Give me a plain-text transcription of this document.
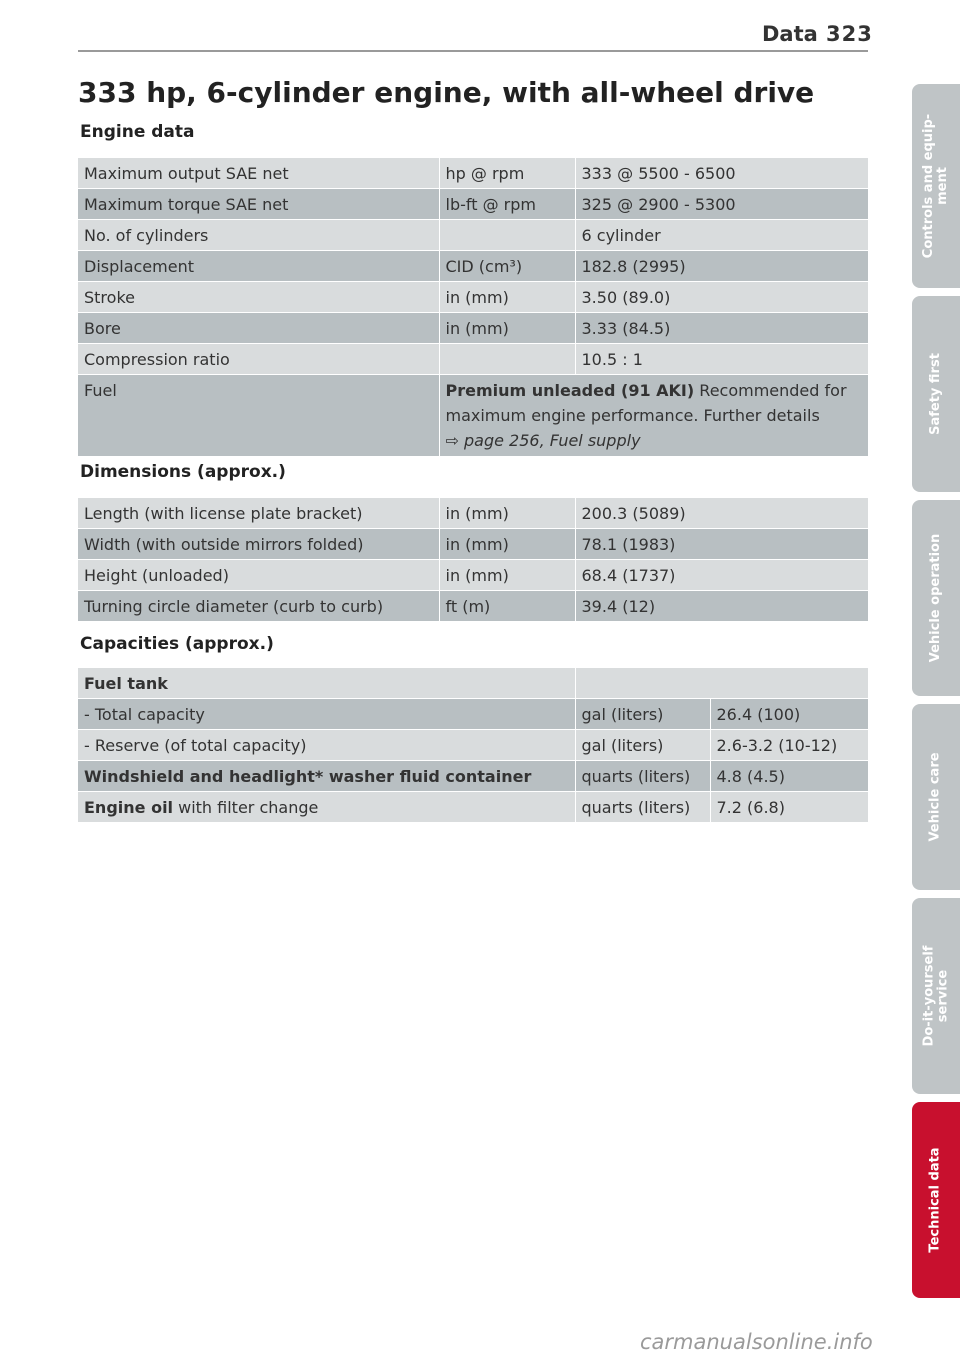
Data 323
333 hp, 6-cylinder engine, with all-wheel drive
Engine data
Maximum output SAE net	hp @ rpm	333 @ 5500 - 6500
Maximum torque SAE net	lb-ft @ rpm	325 @ 2900 - 5300
No. of cylinders		6 cylinder
Displacement	CID (cm³)	182.8 (2995)
Stroke	in (mm)	3.50 (89.0)
Bore	in (mm)	3.33 (84.5)
Compression ratio		10.5 : 1
Fuel	Premium unleaded (91 AKI) Recommended for maximum engine performance. Further details
⇨ page 256, Fuel supply	
Dimensions (approx.)
Length (with license plate bracket)	in (mm)	200.3 (5089)
Width (with outside mirrors folded)	in (mm)	78.1 (1983)
Height (unloaded)	in (mm)	68.4 (1737)
Turning circle diameter (curb to curb)	ft (m)	39.4 (12)
Capacities (approx.)
Fuel tank		
- Total capacity	gal (liters)	26.4 (100)
- Reserve (of total capacity)	gal (liters)	2.6-3.2 (10-12)
Windshield and headlight* washer fluid container	quarts (liters)	4.8 (4.5)
Engine oil with filter change	quarts (liters)	7.2 (6.8)
Controls and equip-
ment
Safety first
Vehicle operation
Vehicle care
Do-it-yourself
service
Technical data
carmanualsonline.info
